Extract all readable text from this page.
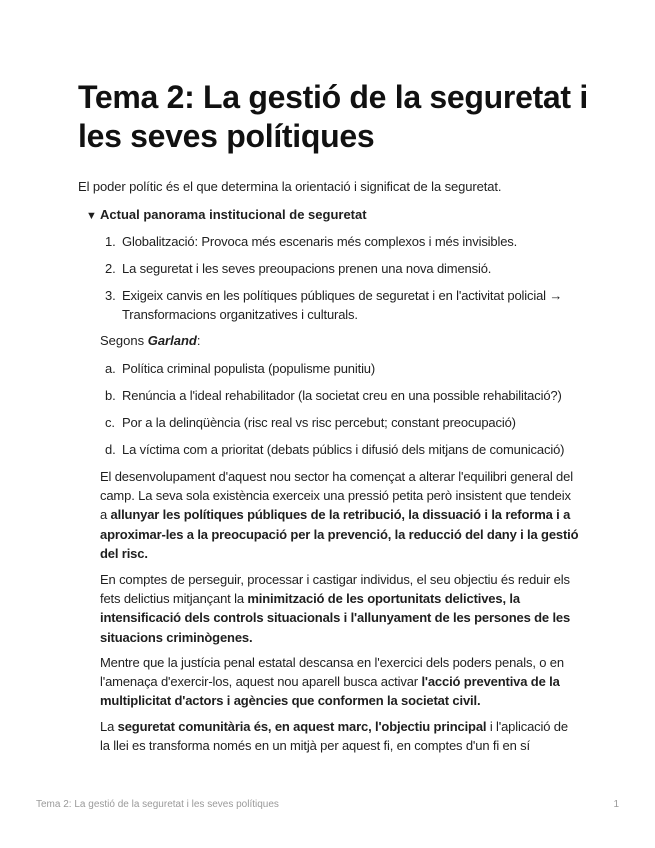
Tema 2: La gestió de la seguretat i les seves polítiques

El poder polític és el que determina la orientació i significat de la seguretat.

▼ Actual panorama institucional de seguretat
1. Globalització: Provoca més escenaris més complexos i més invisibles.
2. La seguretat i les seves preoupacions prenen una nova dimensió.
3. Exigeix canvis en les polítiques públiques de seguretat i en l'activitat policial → Transformacions organitzatives i culturals.
Segons Garland:
a. Política criminal populista (populisme punitiu)
b. Renúncia a l'ideal rehabilitador (la societat creu en una possible rehabilitació?)
c. Por a la delinqüència (risc real vs risc percebut; constant preocupació)
d. La víctima com a prioritat (debats públics i difusió dels mitjans de comunicació)

El desenvolupament d'aquest nou sector ha començat a alterar l'equilibri general del camp. La seva sola existència exerceix una pressió petita però insistent que tendeix a allunyar les polítiques públiques de la retribució, la dissuació i la reforma i a aproximar-les a la preocupació per la prevenció, la reducció del dany i la gestió del risc.

En comptes de perseguir, processar i castigar individus, el seu objectiu és reduir els fets delictius mitjançant la minimització de les oportunitats delictives, la intensificació dels controls situacionals i l'allunyament de les persones de les situacions criminògenes.

Mentre que la justícia penal estatal descansa en l'exercici dels poders penals, o en l'amenaça d'exercir-los, aquest nou aparell busca activar l'acció preventiva de la multiplicitat d'actors i agències que conformen la societat civil.

La seguretat comunitària és, en aquest marc, l'objectiu principal i l'aplicació de la llei es transforma només en un mitjà per aquest fi, en comptes d'un fi en sí

Tema 2: La gestió de la seguretat i les seves polítiques	1
